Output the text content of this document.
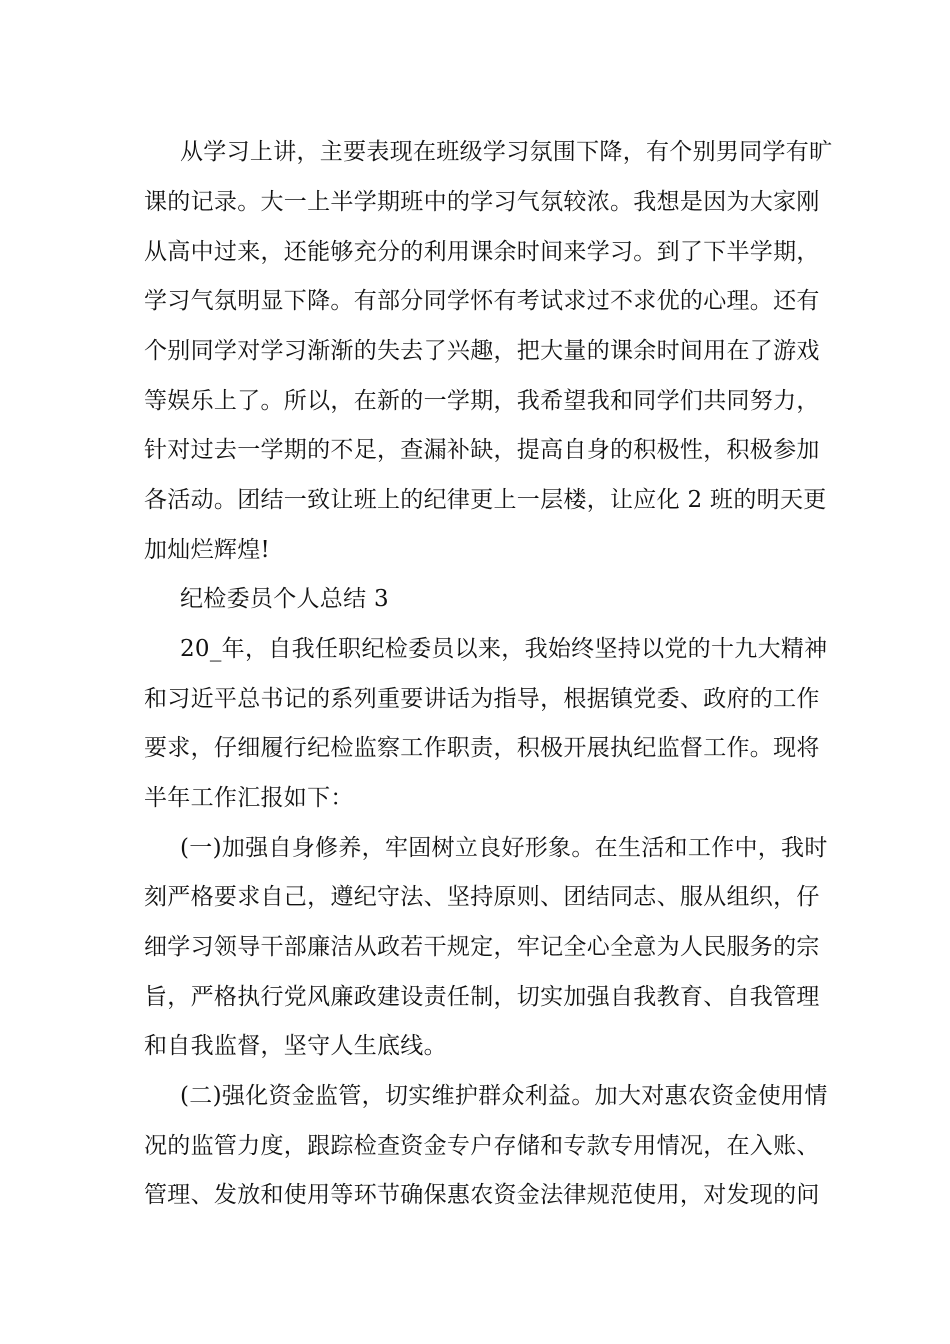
从学习上讲，主要表现在班级学习氛围下降，有个别男同学有旷
课的记录。大一上半学期班中的学习气氛较浓。我想是因为大家刚
从高中过来，还能够充分的利用课余时间来学习。到了下半学期，
学习气氛明显下降。有部分同学怀有考试求过不求优的心理。还有
个别同学对学习渐渐的失去了兴趣，把大量的课余时间用在了游戏
等娱乐上了。所以，在新的一学期，我希望我和同学们共同努力，
针对过去一学期的不足，查漏补缺，提高自身的积极性，积极参加
各活动。团结一致让班上的纪律更上一层楼，让应化 2 班的明天更
加灿烂辉煌!
纪检委员个人总结 3
20_年，自我任职纪检委员以来，我始终坚持以党的十九大精神
和习近平总书记的系列重要讲话为指导，根据镇党委、政府的工作
要求，仔细履行纪检监察工作职责，积极开展执纪监督工作。现将
半年工作汇报如下：
(一)加强自身修养，牢固树立良好形象。在生活和工作中，我时
刻严格要求自己，遵纪守法、坚持原则、团结同志、服从组织，仔
细学习领导干部廉洁从政若干规定，牢记全心全意为人民服务的宗
旨，严格执行党风廉政建设责任制，切实加强自我教育、自我管理
和自我监督，坚守人生底线。
(二)强化资金监管，切实维护群众利益。加大对惠农资金使用情
况的监管力度，跟踪检查资金专户存储和专款专用情况，在入账、
管理、发放和使用等环节确保惠农资金法律规范使用，对发现的问
